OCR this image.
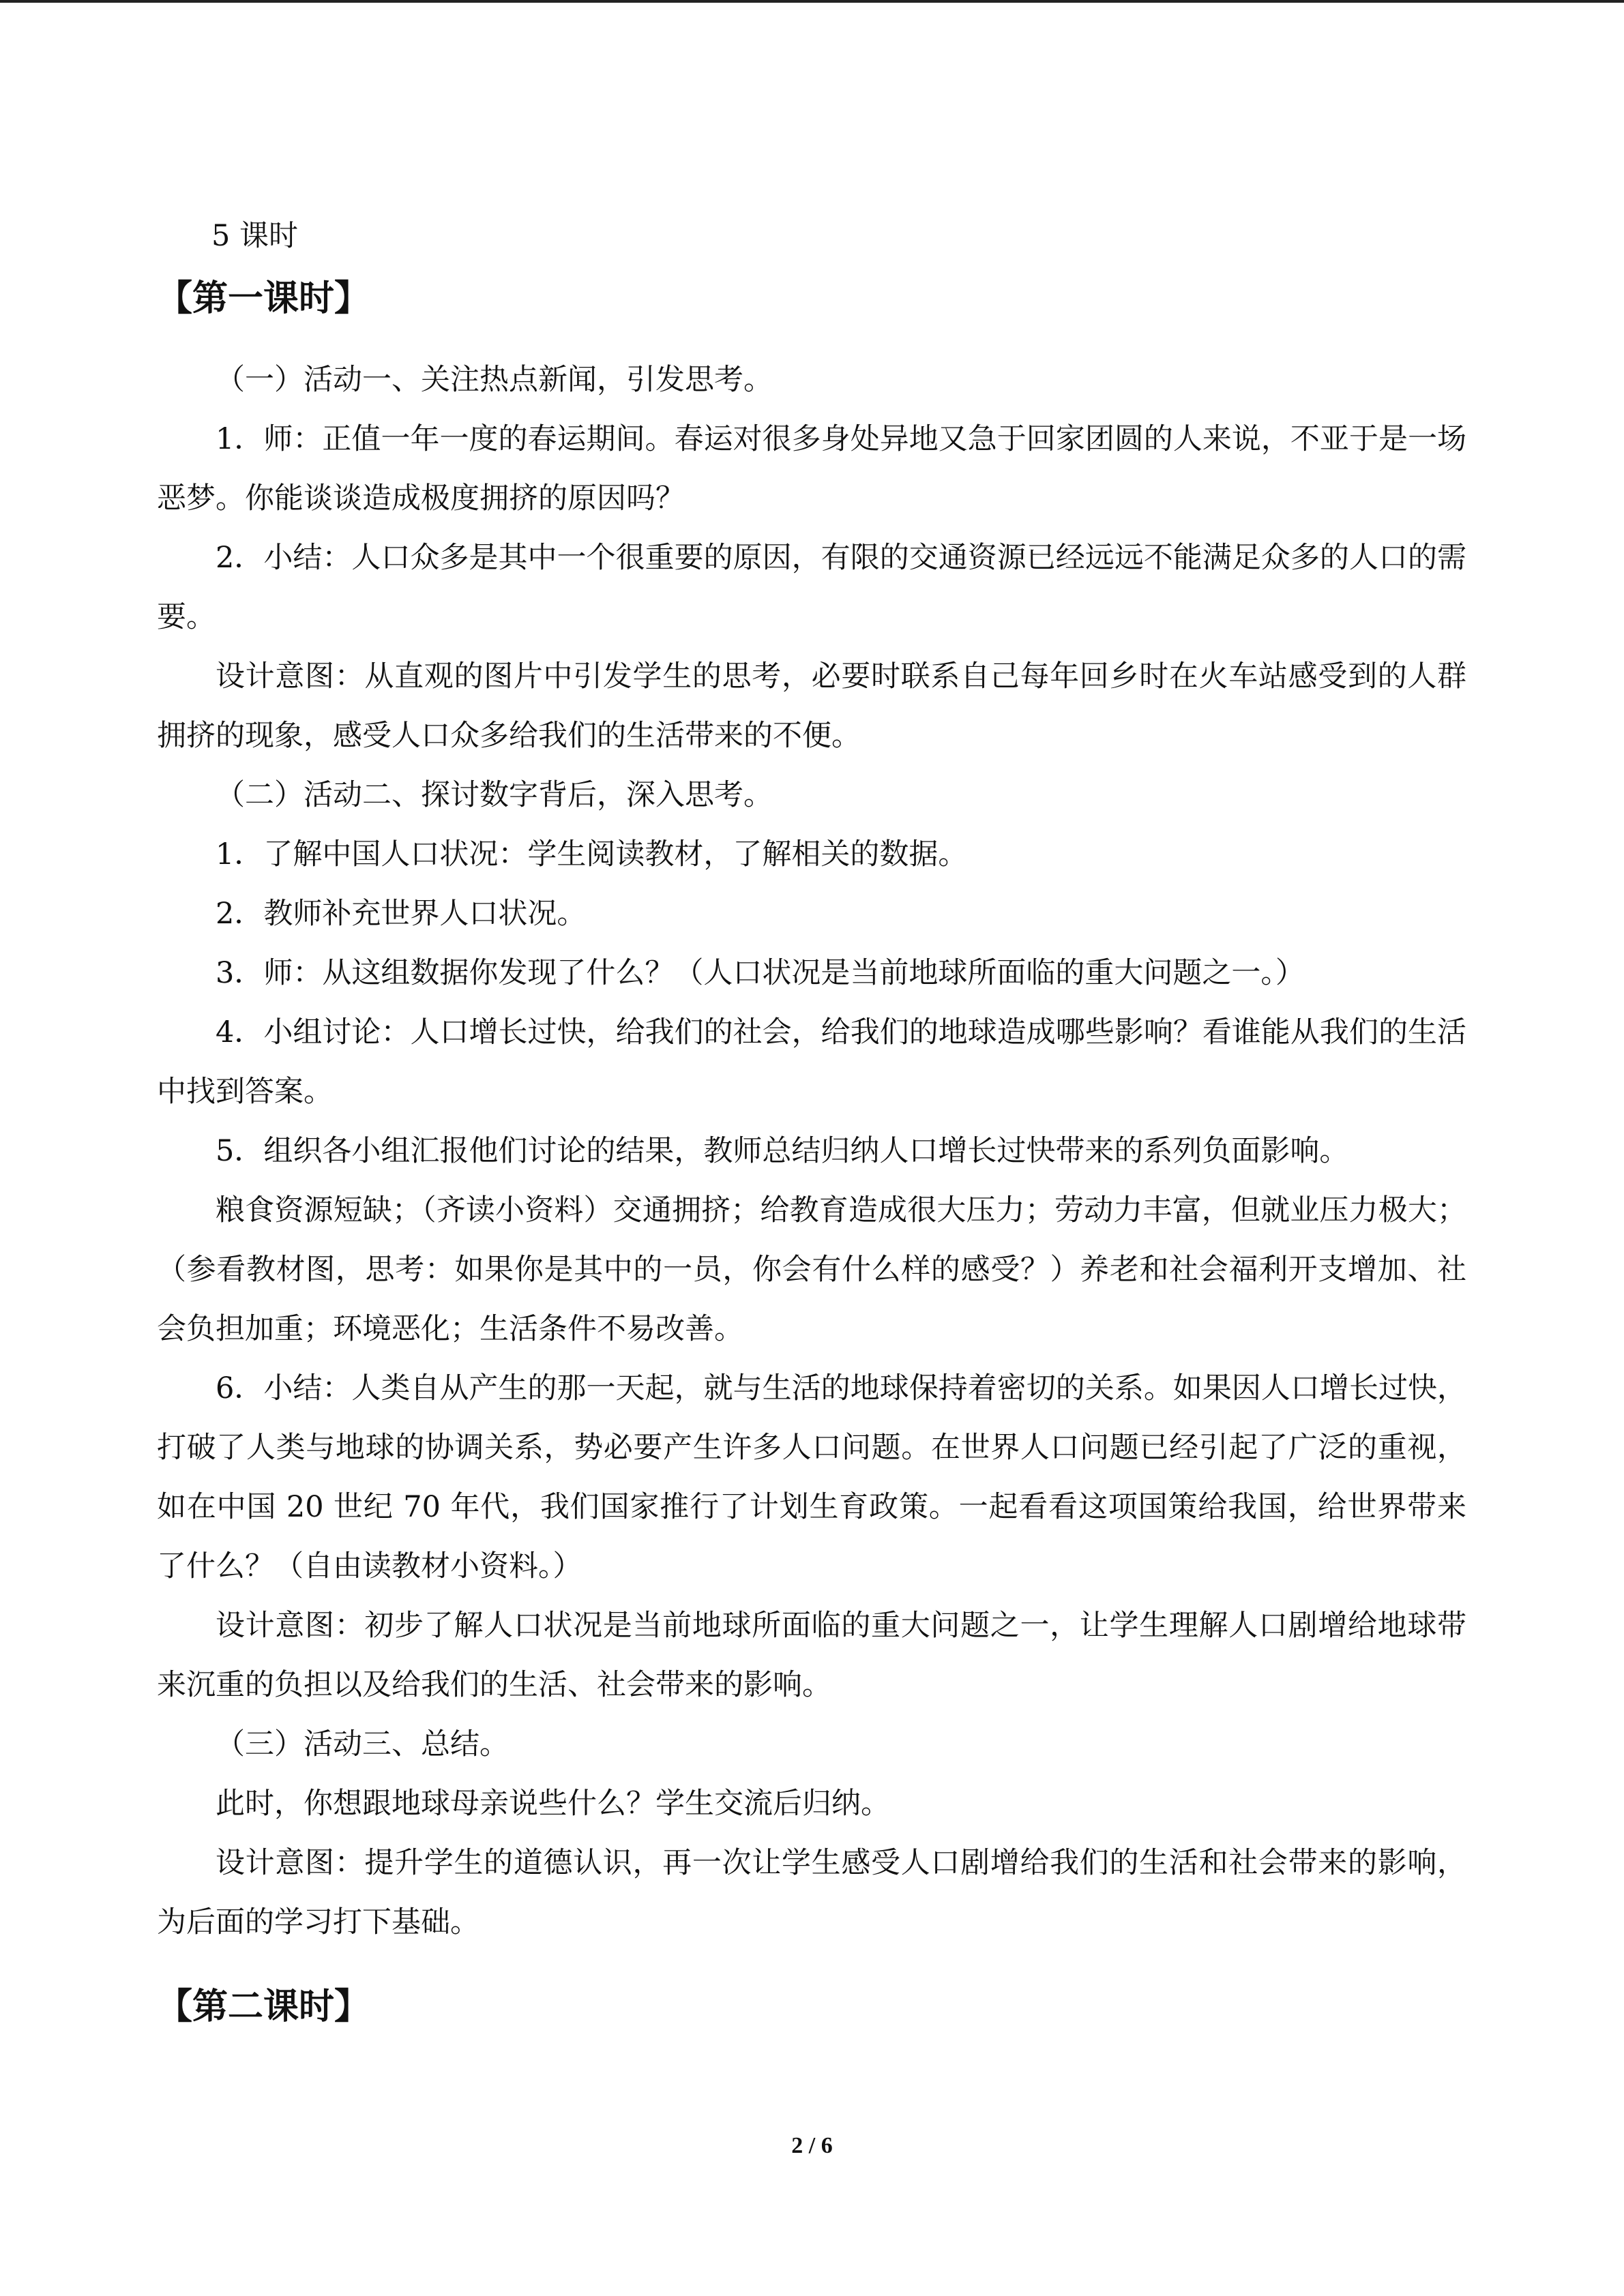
5 课时

【第一课时】

（一）活动一、关注热点新闻，引发思考。

1．师：正值一年一度的春运期间。春运对很多身处异地又急于回家团圆的人来说，不亚于是一场恶梦。你能谈谈造成极度拥挤的原因吗？

2．小结：人口众多是其中一个很重要的原因，有限的交通资源已经远远不能满足众多的人口的需要。

设计意图：从直观的图片中引发学生的思考，必要时联系自己每年回乡时在火车站感受到的人群拥挤的现象，感受人口众多给我们的生活带来的不便。

（二）活动二、探讨数字背后，深入思考。

1．了解中国人口状况：学生阅读教材，了解相关的数据。

2．教师补充世界人口状况。

3．师：从这组数据你发现了什么？（人口状况是当前地球所面临的重大问题之一。）

4．小组讨论：人口增长过快，给我们的社会，给我们的地球造成哪些影响？看谁能从我们的生活中找到答案。

5．组织各小组汇报他们讨论的结果，教师总结归纳人口增长过快带来的系列负面影响。

粮食资源短缺；（齐读小资料）交通拥挤；给教育造成很大压力；劳动力丰富，但就业压力极大；（参看教材图，思考：如果你是其中的一员，你会有什么样的感受？）养老和社会福利开支增加、社会负担加重；环境恶化；生活条件不易改善。

6．小结：人类自从产生的那一天起，就与生活的地球保持着密切的关系。如果因人口增长过快，打破了人类与地球的协调关系，势必要产生许多人口问题。在世界人口问题已经引起了广泛的重视，如在中国 20 世纪 70 年代，我们国家推行了计划生育政策。一起看看这项国策给我国，给世界带来了什么？（自由读教材小资料。）

设计意图：初步了解人口状况是当前地球所面临的重大问题之一，让学生理解人口剧增给地球带来沉重的负担以及给我们的生活、社会带来的影响。

（三）活动三、总结。

此时，你想跟地球母亲说些什么？学生交流后归纳。

设计意图：提升学生的道德认识，再一次让学生感受人口剧增给我们的生活和社会带来的影响，为后面的学习打下基础。

【第二课时】
2 / 6
